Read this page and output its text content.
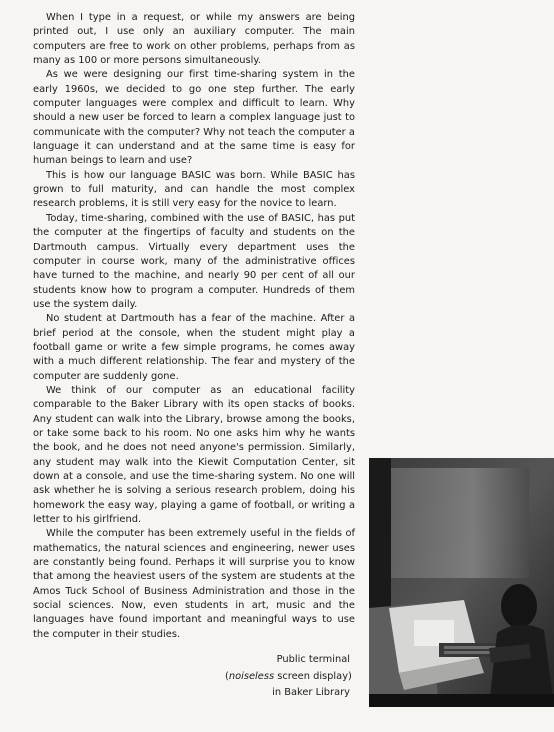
When I type in a request, or while my answers are being printed out, I use only an auxiliary computer. The main computers are free to work on other problems, perhaps from as many as 100 or more persons simultaneously.

As we were designing our first time-sharing system in the early 1960s, we decided to go one step further. The early computer languages were complex and difficult to learn. Why should a new user be forced to learn a complex language just to communicate with the computer? Why not teach the computer a language it can understand and at the same time is easy for human beings to learn and use?

This is how our language BASIC was born. While BASIC has grown to full maturity, and can handle the most complex research problems, it is still very easy for the novice to learn.

Today, time-sharing, combined with the use of BASIC, has put the computer at the fingertips of faculty and students on the Dartmouth campus. Virtually every department uses the computer in course work, many of the administrative offices have turned to the machine, and nearly 90 per cent of all our students know how to program a computer. Hundreds of them use the system daily.

No student at Dartmouth has a fear of the machine. After a brief period at the console, when the student might play a football game or write a few simple programs, he comes away with a much different relationship. The fear and mystery of the computer are suddenly gone.

We think of our computer as an educational facility comparable to the Baker Library with its open stacks of books. Any student can walk into the Library, browse among the books, or take some back to his room. No one asks him why he wants the book, and he does not need anyone's permission. Similarly, any student may walk into the Kiewit Computation Center, sit down at a console, and use the time-sharing system. No one will ask whether he is solving a serious research problem, doing his homework the easy way, playing a game of football, or writing a letter to his girlfriend.

While the computer has been extremely useful in the fields of mathematics, the natural sciences and engineering, newer uses are constantly being found. Perhaps it will surprise you to know that among the heaviest users of the system are students at the Amos Tuck School of Business Administration and those in the social sciences. Now, even students in art, music and the languages have found important and meaningful ways to use the computer in their studies.

Public terminal
(noiseless screen display)
in Baker Library
